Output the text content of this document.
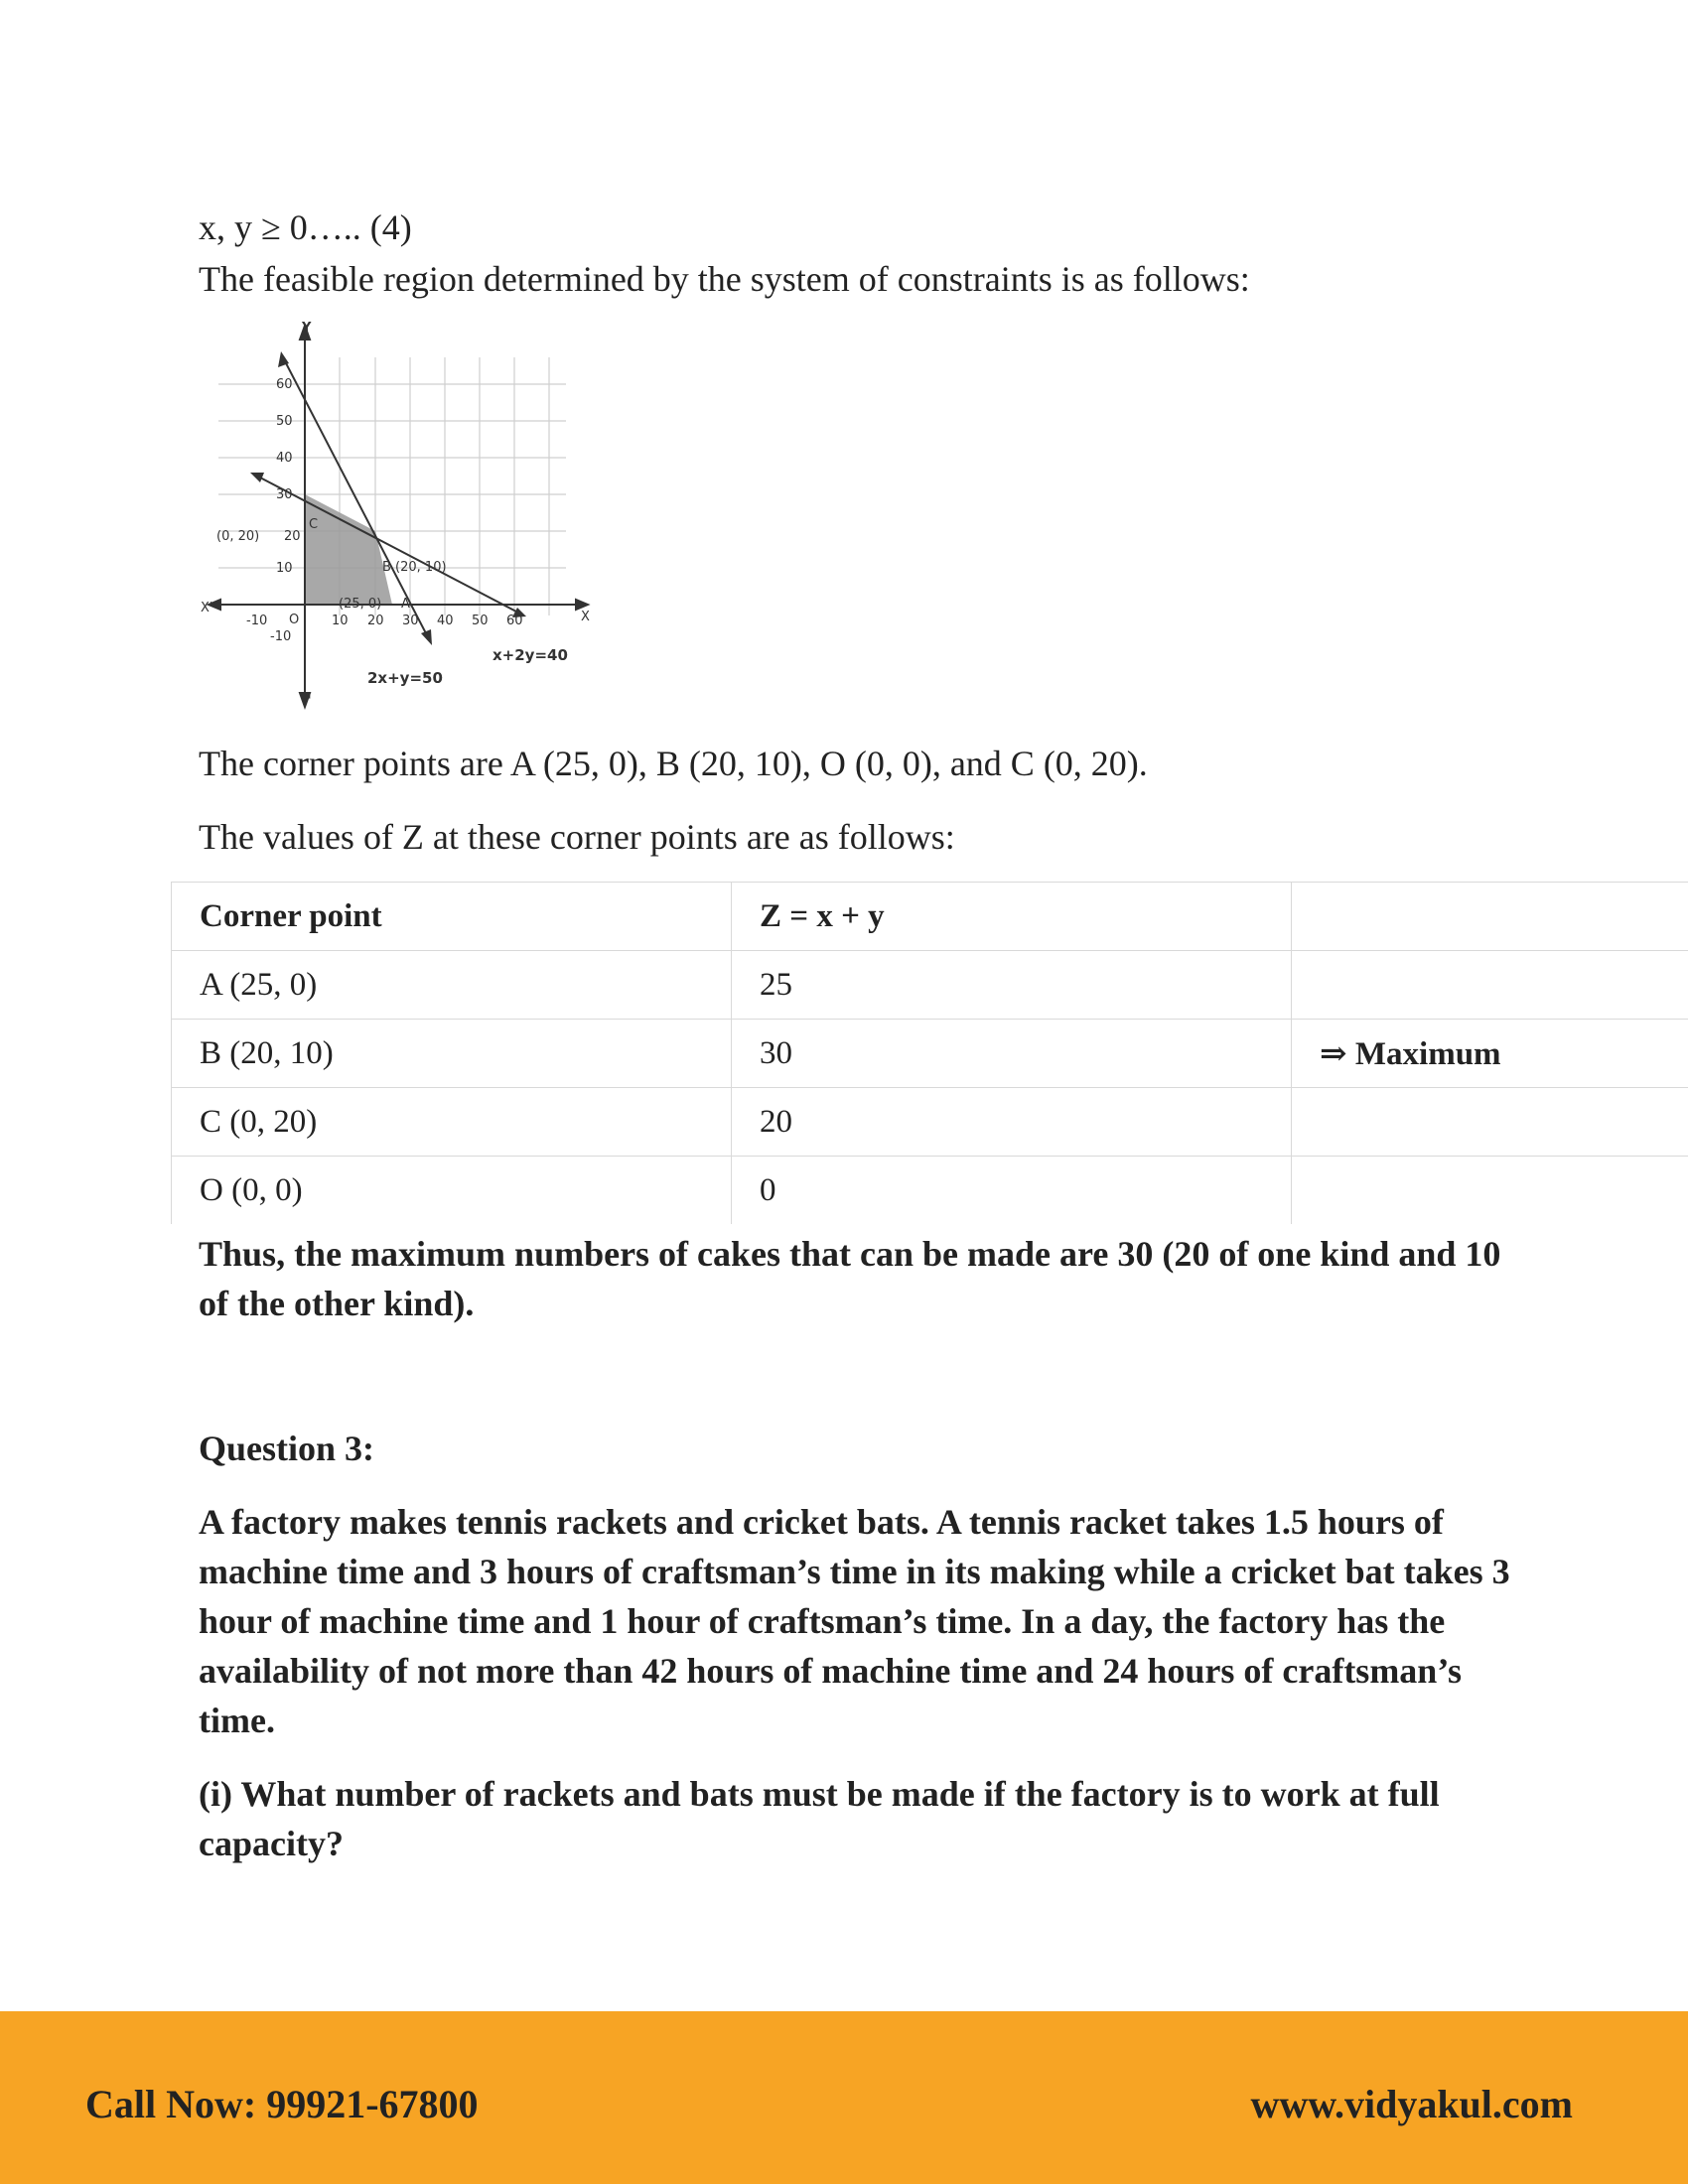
x, y ≥ 0….. (4)
The feasible region determined by the system of constraints is as follows:
Y
Y'
X
X'
O
-10	10 20 30 40 50 60
60
50
40
30
10
-10
(0, 20) 20
C
B (20, 10)
(25, 0) A
2x+y=50
x+2y=40
The corner points are A (25, 0), B (20, 10), O (0, 0), and C (0, 20).
The values of Z at these corner points are as follows:
Corner point	Z = x + y	
A (25, 0)	25	
B (20, 10)	30	⇒ Maximum
C (0, 20)	20	
O (0, 0)	0	
Thus, the maximum numbers of cakes that can be made are 30 (20 of one kind and 10 of the other kind).
Question 3:
A factory makes tennis rackets and cricket bats. A tennis racket takes 1.5 hours of machine time and 3 hours of craftsman’s time in its making while a cricket bat takes 3 hour of machine time and 1 hour of craftsman’s time. In a day, the factory has the availability of not more than 42 hours of machine time and 24 hours of craftsman’s time.
(i) What number of rackets and bats must be made if the factory is to work at full capacity?
Call Now: 99921-67800	www.vidyakul.com
